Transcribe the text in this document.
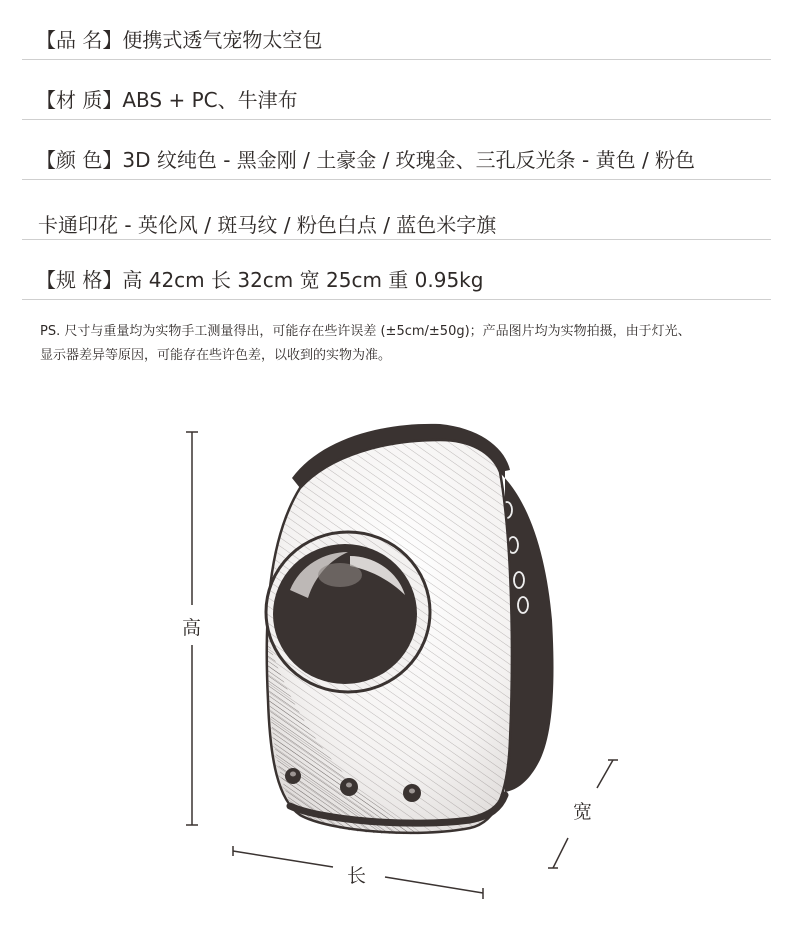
【品 名】便携式透气宠物太空包
【材 质】ABS + PC、牛津布
【颜 色】3D 纹纯色 - 黑金刚 / 土豪金 / 玫瑰金、三孔反光条 - 黄色 / 粉色
卡通印花 - 英伦风 / 斑马纹 / 粉色白点 / 蓝色米字旗
【规 格】高 42cm 长 32cm 宽 25cm 重 0.95kg
PS. 尺寸与重量均为实物手工测量得出，可能存在些许误差 (±5cm/±50g)；产品图片均为实物拍摄，由于灯光、
显示器差异等原因，可能存在些许色差，以收到的实物为准。
高
长
宽
